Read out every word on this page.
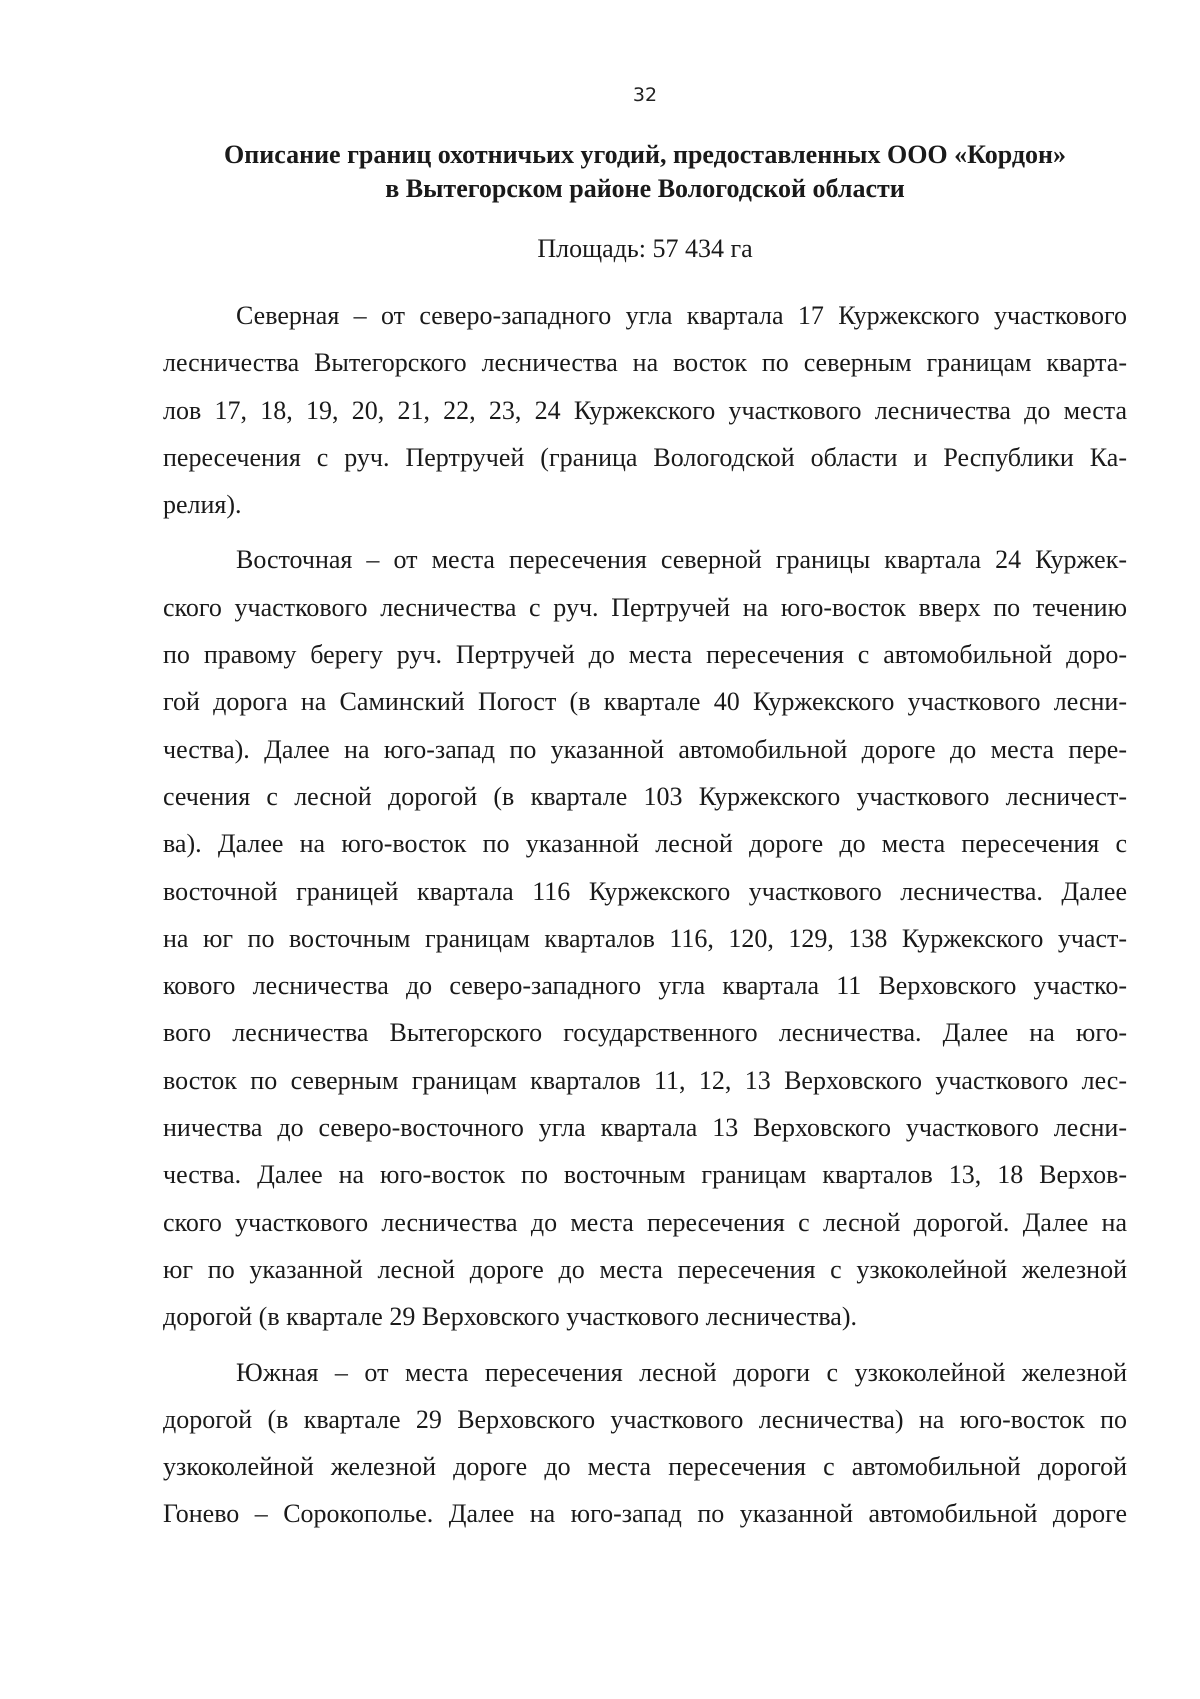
32
Описание границ охотничьих угодий, предоставленных ООО «Кордон»
в Вытегорском районе Вологодской области
Площадь: 57 434 га
Северная – от северо-западного угла квартала 17 Куржекского участкового
лесничества Вытегорского лесничества на восток по северным границам кварта-
лов 17, 18, 19, 20, 21, 22, 23, 24 Куржекского участкового лесничества до места
пересечения с руч. Пертручей (граница Вологодской области и Республики Ка-
релия).
Восточная – от места пересечения северной границы квартала 24 Куржек-
ского участкового лесничества с руч. Пертручей на юго-восток вверх по течению
по правому берегу руч. Пертручей до места пересечения с автомобильной доро-
гой дорога на Саминский Погост (в квартале 40 Куржекского участкового лесни-
чества). Далее на юго-запад по указанной автомобильной дороге до места пере-
сечения с лесной дорогой (в квартале 103 Куржекского участкового лесничест-
ва). Далее на юго-восток по указанной лесной дороге до места пересечения с
восточной границей квартала 116 Куржекского участкового лесничества. Далее
на юг по восточным границам кварталов 116, 120, 129, 138 Куржекского участ-
кового лесничества до северо-западного угла квартала 11 Верховского участко-
вого лесничества Вытегорского государственного лесничества. Далее на юго-
восток по северным границам кварталов 11, 12, 13 Верховского участкового лес-
ничества до северо-восточного угла квартала 13 Верховского участкового лесни-
чества. Далее на юго-восток по восточным границам кварталов 13, 18 Верхов-
ского участкового лесничества до места пересечения с лесной дорогой. Далее на
юг по указанной лесной дороге до места пересечения с узкоколейной железной
дорогой (в квартале 29 Верховского участкового лесничества).
Южная – от места пересечения лесной дороги с узкоколейной железной
дорогой (в квартале 29 Верховского участкового лесничества) на юго-восток по
узкоколейной железной дороге до места пересечения с автомобильной дорогой
Гонево – Сорокополье. Далее на юго-запад по указанной автомобильной дороге
